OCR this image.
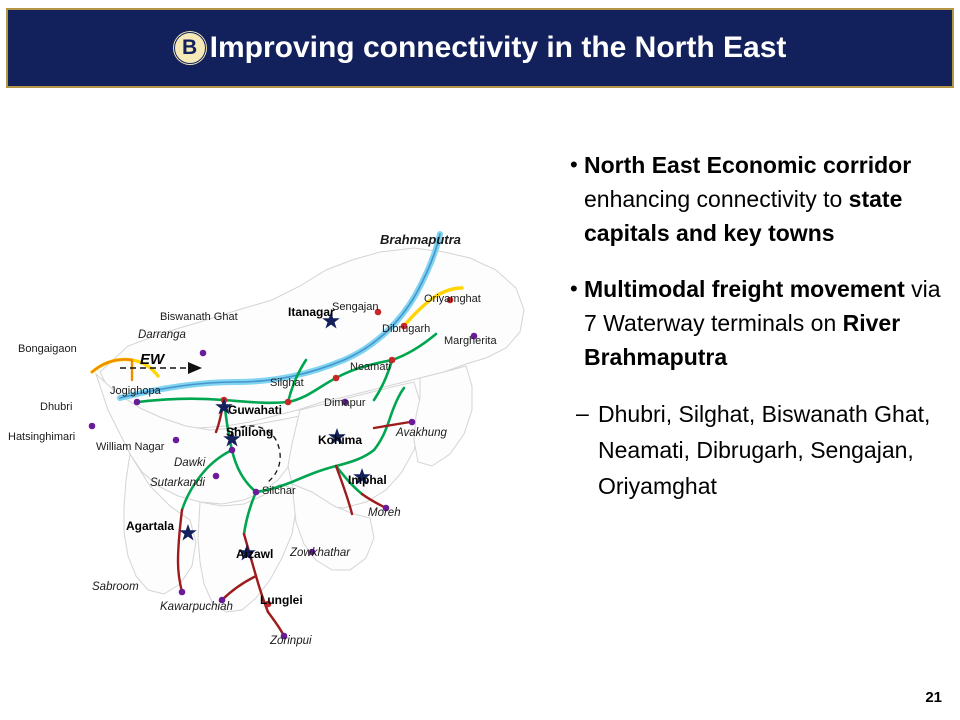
B Improving connectivity in the North East
Brahmaputra
EW
Bongaigaon
Dhubri
Hatsinghimari
William Nagar
Jogighopa
Darranga
Biswanath Ghat
Sengajan
Oriyamghat
Dibrugarh
Margherita
Neamati
Silghat
Dimapur
Avakhung
Dawki
Sutarkandi
Silchar
Moreh
Zowkhathar
Sabroom
Kawarpuchiah Lunglei
Zorinpui
Itanagar
Guwahati
Shillong
Kohima
Imphal
Agartala
Aizawl
• North East Economic corridor enhancing connectivity to state capitals and key towns
• Multimodal freight movement via 7 Waterway terminals on River Brahmaputra
– Dhubri, Silghat, Biswanath Ghat, Neamati, Dibrugarh, Sengajan, Oriyamghat
21
